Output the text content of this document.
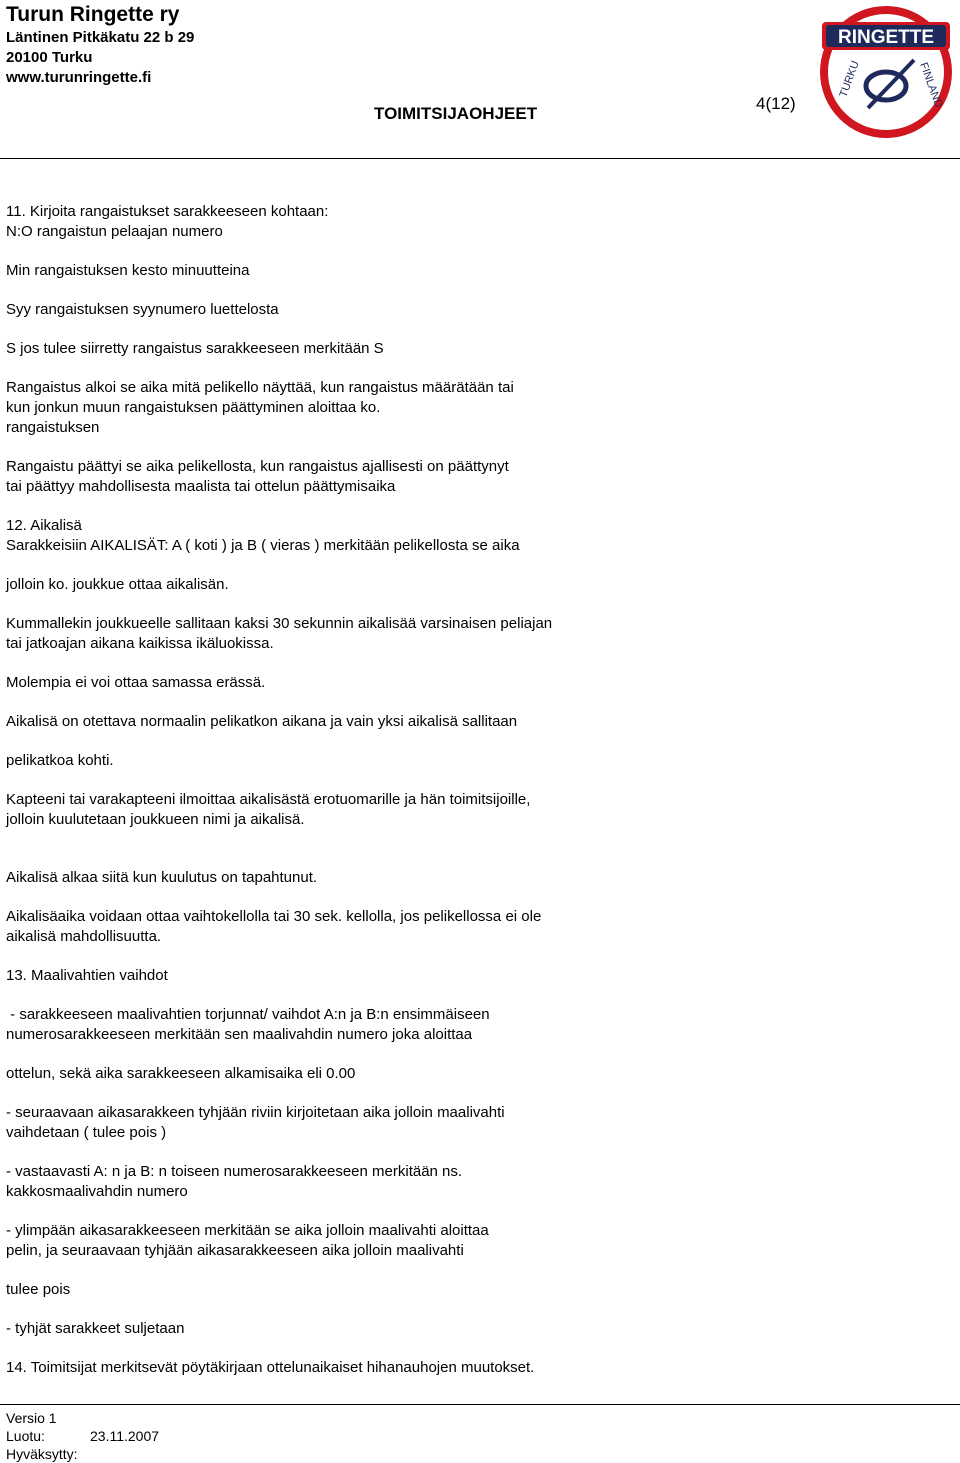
Turun Ringette ry
Läntinen Pitkäkatu 22 b 29
20100 Turku
www.turunringette.fi
TOIMITSIJAOHJEET
4(12)
RINGETTE
TURKU	FINLAND

11. Kirjoita rangaistukset sarakkeeseen kohtaan:

N:O rangaistun pelaajan numero

Min rangaistuksen kesto minuutteina

Syy rangaistuksen syynumero luettelosta

S jos tulee siirretty rangaistus sarakkeeseen merkitään S

Rangaistus alkoi se aika mitä pelikello näyttää, kun rangaistus määrätään tai

kun jonkun muun rangaistuksen päättyminen aloittaa ko.

rangaistuksen

Rangaistu päättyi se aika pelikellosta, kun rangaistus ajallisesti on päättynyt

tai päättyy mahdollisesta maalista tai ottelun päättymisaika

12. Aikalisä

Sarakkeisiin AIKALISÄT: A ( koti ) ja B ( vieras ) merkitään pelikellosta se aika

jolloin ko. joukkue ottaa aikalisän.

Kummallekin joukkueelle sallitaan kaksi 30 sekunnin aikalisää varsinaisen peliajan

tai jatkoajan aikana kaikissa ikäluokissa.

Molempia ei voi ottaa samassa erässä.

Aikalisä on otettava normaalin pelikatkon aikana ja vain yksi aikalisä sallitaan

pelikatkoa kohti.

Kapteeni tai varakapteeni ilmoittaa aikalisästä erotuomarille ja hän toimitsijoille,

jolloin kuulutetaan joukkueen nimi ja aikalisä.

Aikalisä alkaa siitä kun kuulutus on tapahtunut.

Aikalisäaika voidaan ottaa vaihtokellolla tai 30 sek. kellolla, jos pelikellossa ei ole

aikalisä mahdollisuutta.

13. Maalivahtien vaihdot

- sarakkeeseen maalivahtien torjunnat/ vaihdot A:n ja B:n ensimmäiseen

numerosarakkeeseen merkitään sen maalivahdin numero joka aloittaa

ottelun, sekä aika sarakkeeseen alkamisaika eli 0.00

- seuraavaan aikasarakkeen tyhjään riviin kirjoitetaan aika jolloin maalivahti

vaihdetaan ( tulee pois )

- vastaavasti A: n ja B: n toiseen numerosarakkeeseen merkitään ns.

kakkosmaalivahdin numero

- ylimpään aikasarakkeeseen merkitään se aika jolloin maalivahti aloittaa

pelin, ja seuraavaan tyhjään aikasarakkeeseen aika jolloin maalivahti

tulee pois

- tyhjät sarakkeet suljetaan

14. Toimitsijat merkitsevät pöytäkirjaan ottelunaikaiset hihanauhojen muutokset.

Versio 1
Luotu:	23.11.2007
Hyväksytty:
